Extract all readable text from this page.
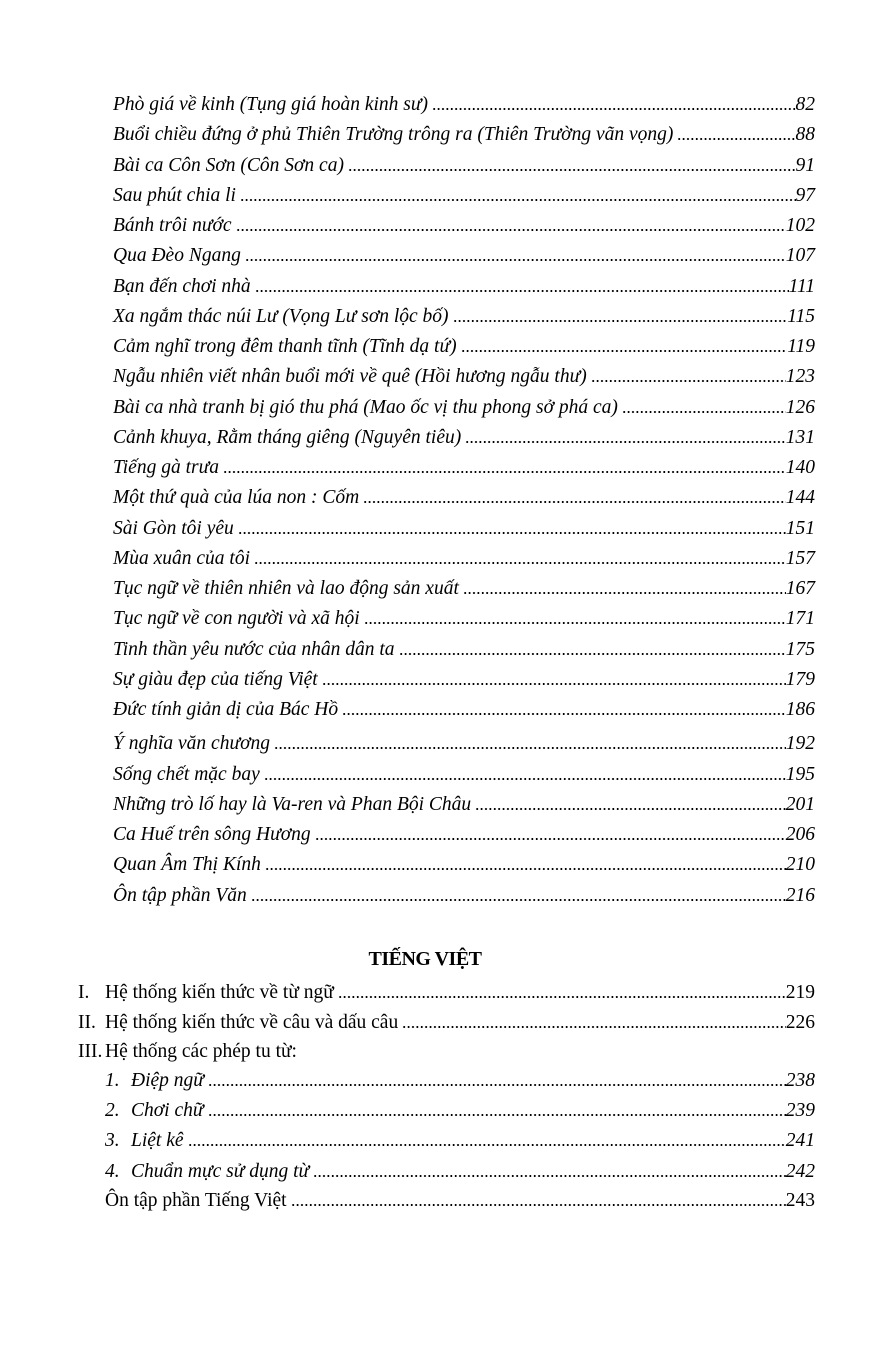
Phò giá về kinh (Tụng giá hoàn kinh sư)	82
Buổi chiều đứng ở phủ Thiên Trường trông ra (Thiên Trường vãn vọng)	88
Bài ca Côn Sơn (Côn Sơn ca)	91
Sau phút chia li	97
Bánh trôi nước	102
Qua Đèo Ngang	107
Bạn đến chơi nhà	111
Xa ngắm thác núi Lư (Vọng Lư sơn lộc bố)	115
Cảm nghĩ trong đêm thanh tĩnh (Tĩnh dạ tứ)	119
Ngẫu nhiên viết nhân buổi mới về quê (Hồi hương ngẫu thư)	123
Bài ca nhà tranh bị gió thu phá (Mao ốc vị thu phong sở phá ca)	126
Cảnh khuya, Rằm tháng giêng (Nguyên tiêu)	131
Tiếng gà trưa	140
Một thứ quà của lúa non : Cốm	144
Sài Gòn tôi yêu	151
Mùa xuân của tôi	157
Tục ngữ về thiên nhiên và lao động sản xuất	167
Tục ngữ về con người và xã hội	171
Tinh thần yêu nước của nhân dân ta	175
Sự giàu đẹp của tiếng Việt	179
Đức tính giản dị của Bác Hồ	186
Ý nghĩa văn chương	192
Sống chết mặc bay	195
Những trò lố hay là Va-ren và Phan Bội Châu	201
Ca Huế trên sông Hương	206
Quan Âm Thị Kính	210
Ôn tập phần Văn	216
I. Hệ thống kiến thức về từ ngữ	219
II. Hệ thống kiến thức về câu và dấu câu	226
III. Hệ thống các phép tu từ:
1. Điệp ngữ	238
2. Chơi chữ	239
3. Liệt kê	241
4. Chuẩn mực sử dụng từ	242
Ôn tập phần Tiếng Việt	243
TIẾNG VIỆT
